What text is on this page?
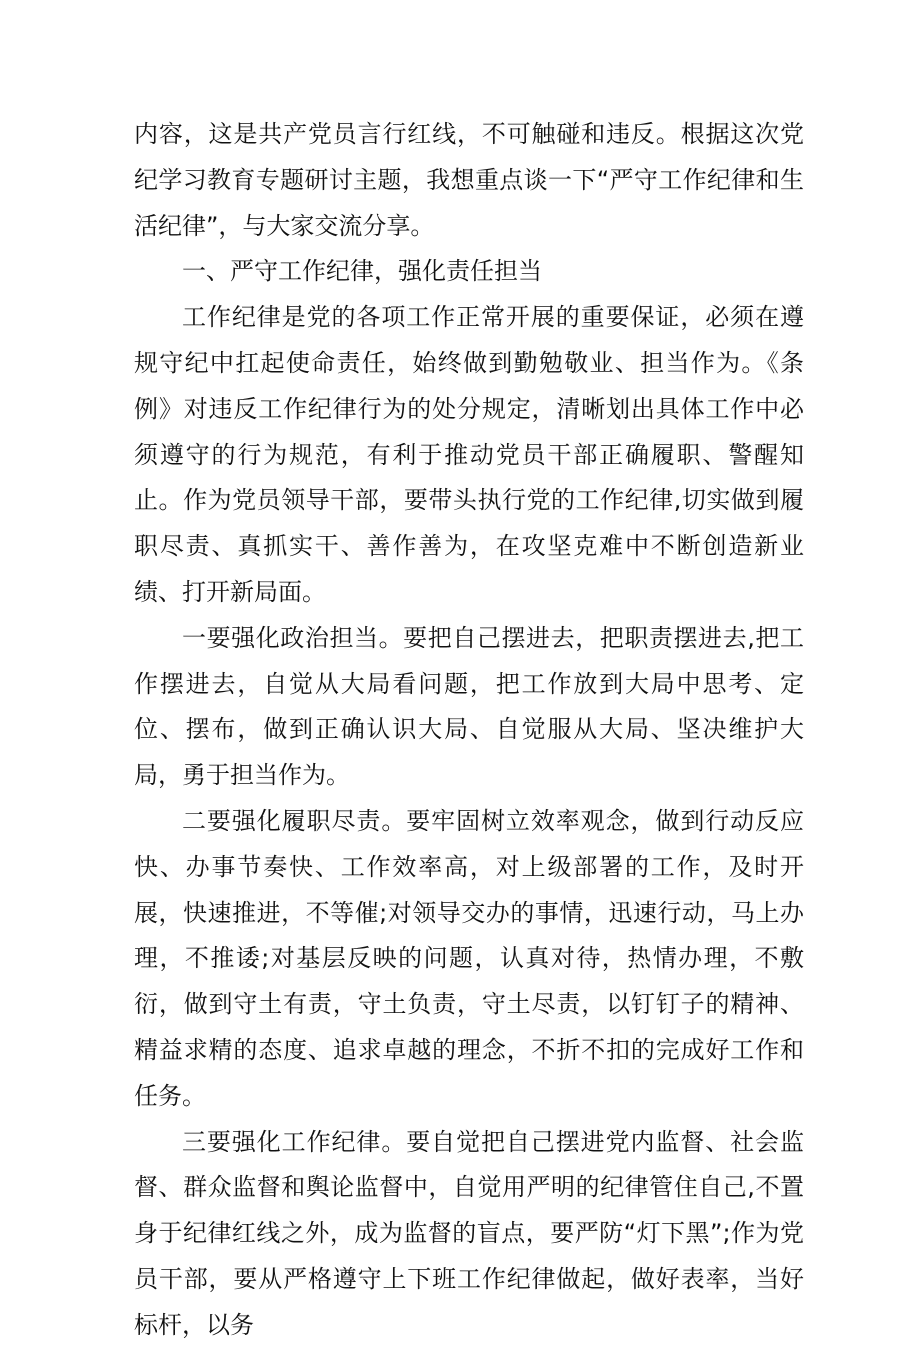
内容，这是共产党员言行红线，不可触碰和违反。根据这次党纪学习教育专题研讨主题，我想重点谈一下“严守工作纪律和生活纪律”，与大家交流分享。

一、严守工作纪律，强化责任担当

工作纪律是党的各项工作正常开展的重要保证，必须在遵规守纪中扛起使命责任，始终做到勤勉敬业、担当作为。《条例》对违反工作纪律行为的处分规定，清晰划出具体工作中必须遵守的行为规范，有利于推动党员干部正确履职、警醒知止。作为党员领导干部，要带头执行党的工作纪律,切实做到履职尽责、真抓实干、善作善为，在攻坚克难中不断创造新业绩、打开新局面。

一要强化政治担当。要把自己摆进去，把职责摆进去,把工作摆进去，自觉从大局看问题，把工作放到大局中思考、定位、摆布，做到正确认识大局、自觉服从大局、坚决维护大局，勇于担当作为。

二要强化履职尽责。要牢固树立效率观念，做到行动反应快、办事节奏快、工作效率高，对上级部署的工作，及时开展，快速推进，不等催;对领导交办的事情，迅速行动，马上办理，不推诿;对基层反映的问题，认真对待，热情办理，不敷衍，做到守土有责，守土负责，守土尽责，以钉钉子的精神、精益求精的态度、追求卓越的理念，不折不扣的完成好工作和任务。

三要强化工作纪律。要自觉把自己摆进党内监督、社会监督、群众监督和舆论监督中，自觉用严明的纪律管住自己,不置身于纪律红线之外，成为监督的盲点，要严防“灯下黑”;作为党员干部，要从严格遵守上下班工作纪律做起，做好表率，当好标杆，以务
